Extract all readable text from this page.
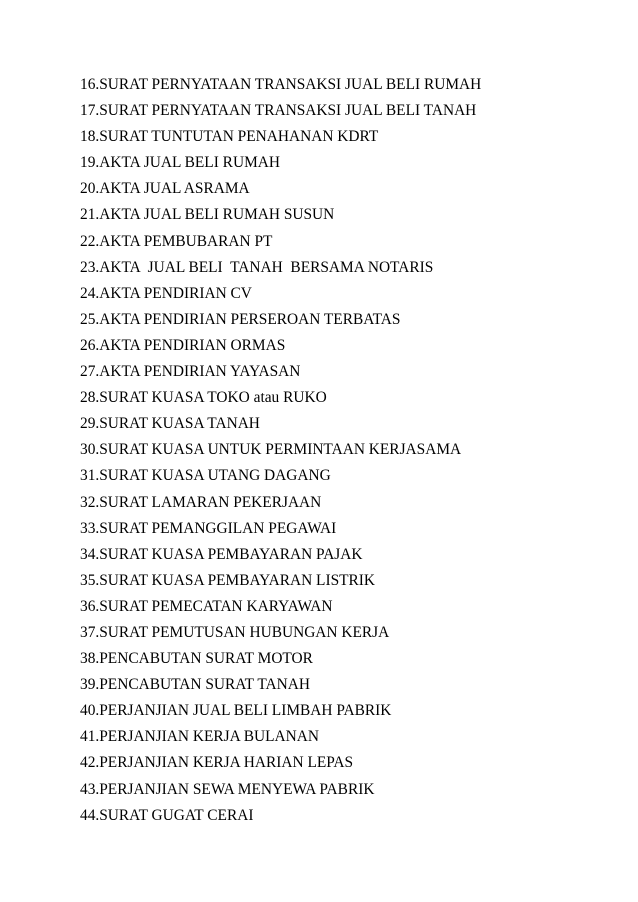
16.SURAT PERNYATAAN TRANSAKSI JUAL BELI RUMAH
17.SURAT PERNYATAAN TRANSAKSI JUAL BELI TANAH
18.SURAT TUNTUTAN PENAHANAN KDRT
19.AKTA JUAL BELI RUMAH
20.AKTA JUAL ASRAMA
21.AKTA JUAL BELI RUMAH SUSUN
22.AKTA PEMBUBARAN PT
23.AKTA  JUAL BELI  TANAH  BERSAMA NOTARIS
24.AKTA PENDIRIAN CV
25.AKTA PENDIRIAN PERSEROAN TERBATAS
26.AKTA PENDIRIAN ORMAS
27.AKTA PENDIRIAN YAYASAN
28.SURAT KUASA TOKO atau RUKO
29.SURAT KUASA TANAH
30.SURAT KUASA UNTUK PERMINTAAN KERJASAMA
31.SURAT KUASA UTANG DAGANG
32.SURAT LAMARAN PEKERJAAN
33.SURAT PEMANGGILAN PEGAWAI
34.SURAT KUASA PEMBAYARAN PAJAK
35.SURAT KUASA PEMBAYARAN LISTRIK
36.SURAT PEMECATAN KARYAWAN
37.SURAT PEMUTUSAN HUBUNGAN KERJA
38.PENCABUTAN SURAT MOTOR
39.PENCABUTAN SURAT TANAH
40.PERJANJIAN JUAL BELI LIMBAH PABRIK
41.PERJANJIAN KERJA BULANAN
42.PERJANJIAN KERJA HARIAN LEPAS
43.PERJANJIAN SEWA MENYEWA PABRIK
44.SURAT GUGAT CERAI
